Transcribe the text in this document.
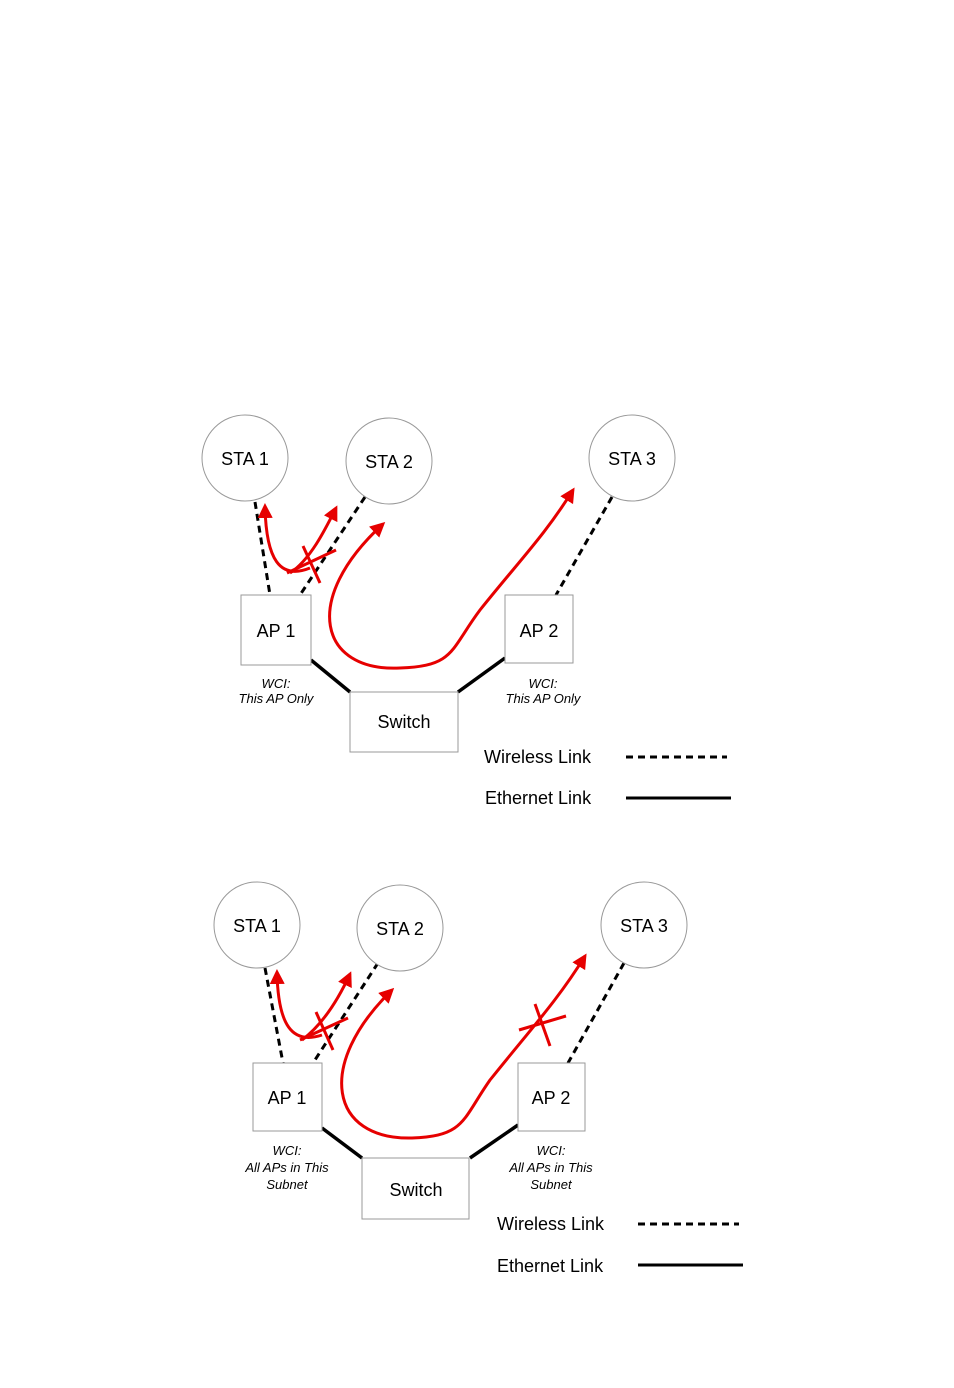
STA 1	STA 2	STA 3
AP 1	AP 2
Switch
WCI:
This AP Only
WCI:
This AP Only
Wireless Link
Ethernet Link
STA 1	STA 2	STA 3
AP 1	AP 2
Switch
WCI:
All APs in This
Subnet
WCI:
All APs in This
Subnet
Wireless Link
Ethernet Link
